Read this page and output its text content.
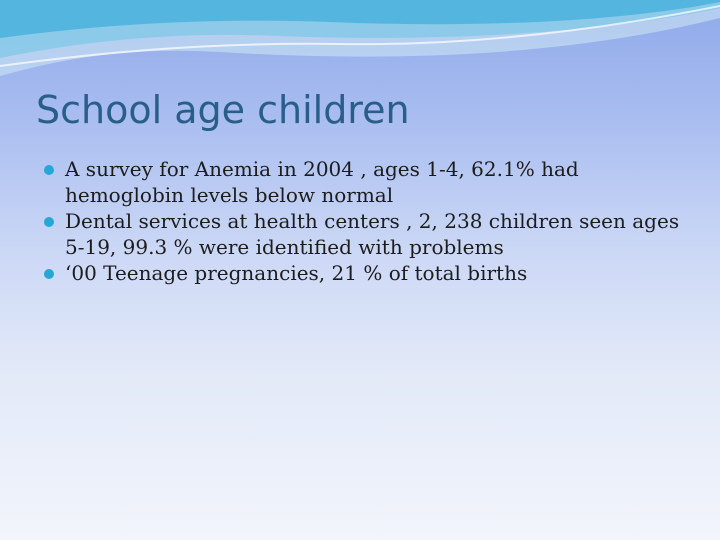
School age children
A survey for Anemia in 2004 , ages 1-4, 62.1% had hemoglobin levels below normal
Dental services at health centers , 2, 238 children seen ages 5-19, 99.3 % were identified with problems
‘00 Teenage pregnancies, 21 % of total births
